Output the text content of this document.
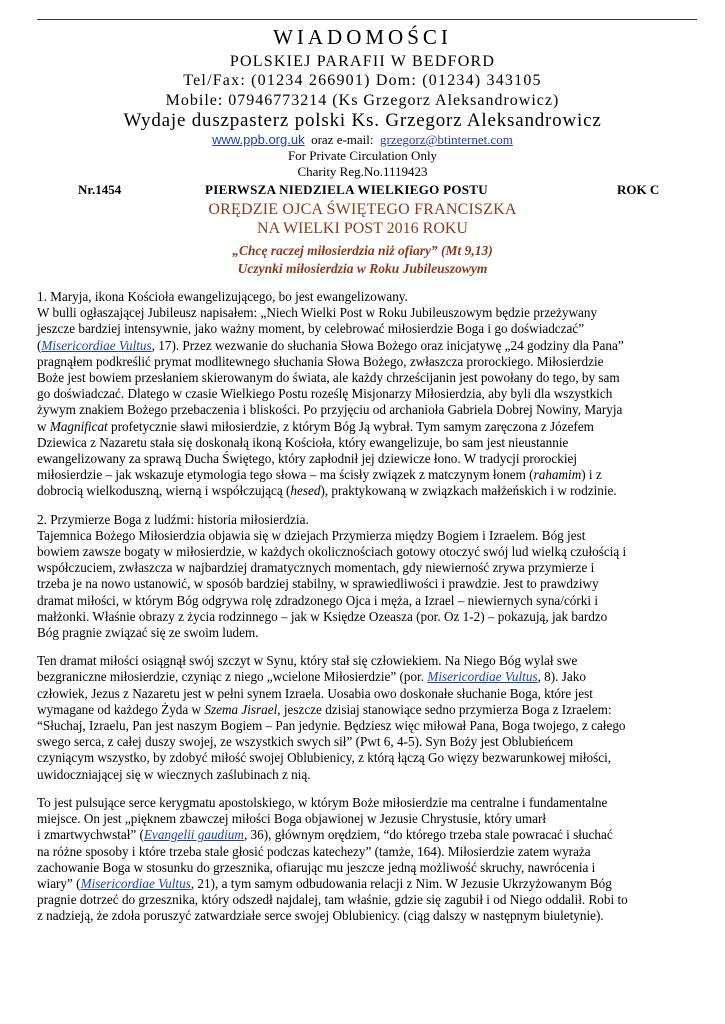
WIADOMOŚCI
POLSKIEJ PARAFII W BEDFORD
Tel/Fax: (01234 266901) Dom: (01234) 343105
Mobile: 07946773214 (Ks Grzegorz Aleksandrowicz)
Wydaje duszpasterz polski Ks. Grzegorz Aleksandrowicz
www.ppb.org.uk oraz e-mail: grzegorz@btinternet.com
For Private Circulation Only
Charity Reg.No.1119423
Nr.1454	PIERWSZA NIEDZIELA WIELKIEGO POSTU	ROK C
ORĘDZIE OJCA ŚWIĘTEGO FRANCISZKA
NA WIELKI POST 2016 ROKU
„Chcę raczej miłosierdzia niż ofiary” (Mt 9,13)
Uczynki miłosierdzia w Roku Jubileuszowym

1. Maryja, ikona Kościoła ewangelizującego, bo jest ewangelizowany.
W bulli ogłaszającej Jubileusz napisałem: „Niech Wielki Post w Roku Jubileuszowym będzie przeżywany
jeszcze bardziej intensywnie, jako ważny moment, by celebrować miłosierdzie Boga i go doświadczać”
(Misericordiae Vultus, 17). Przez wezwanie do słuchania Słowa Bożego oraz inicjatywę „24 godziny dla Pana”
pragnąłem podkreślić prymat modlitewnego słuchania Słowa Bożego, zwłaszcza prorockiego. Miłosierdzie
Boże jest bowiem przesłaniem skierowanym do świata, ale każdy chrześcijanin jest powołany do tego, by sam
go doświadczać. Dlatego w czasie Wielkiego Postu roześlę Misjonarzy Miłosierdzia, aby byli dla wszystkich
żywym znakiem Bożego przebaczenia i bliskości. Po przyjęciu od archanioła Gabriela Dobrej Nowiny, Maryja
w Magnificat profetycznie sławi miłosierdzie, z którym Bóg Ją wybrał. Tym samym zaręczona z Józefem
Dziewica z Nazaretu stała się doskonałą ikoną Kościoła, który ewangelizuje, bo sam jest nieustannie
ewangelizowany za sprawą Ducha Świętego, który zapłodnił jej dziewicze łono. W tradycji prorockiej
miłosierdzie – jak wskazuje etymologia tego słowa – ma ścisły związek z matczynym łonem (rahamim) i z
dobrocią wielkoduszną, wierną i współczującą (hesed), praktykowaną w związkach małżeńskich i w rodzinie.

2. Przymierze Boga z ludźmi: historia miłosierdzia.
Tajemnica Bożego Miłosierdzia objawia się w dziejach Przymierza między Bogiem i Izraelem. Bóg jest
bowiem zawsze bogaty w miłosierdzie, w każdych okolicznościach gotowy otoczyć swój lud wielką czułością i
współczuciem, zwłaszcza w najbardziej dramatycznych momentach, gdy niewierność zrywa przymierze i
trzeba je na nowo ustanowić, w sposób bardziej stabilny, w sprawiedliwości i prawdzie. Jest to prawdziwy
dramat miłości, w którym Bóg odgrywa rolę zdradzonego Ojca i męża, a Izrael – niewiernych syna/córki i
małżonki. Właśnie obrazy z życia rodzinnego – jak w Księdze Ozeasza (por. Oz 1-2) – pokazują, jak bardzo
Bóg pragnie związać się ze swoim ludem.

Ten dramat miłości osiągnął swój szczyt w Synu, który stał się człowiekiem. Na Niego Bóg wylał swe
bezgraniczne miłosierdzie, czyniąc z niego „wcielone Miłosierdzie” (por. Misericordiae Vultus, 8). Jako
człowiek, Jezus z Nazaretu jest w pełni synem Izraela. Uosabia owo doskonałe słuchanie Boga, które jest
wymagane od każdego Żyda w Szema Jisrael, jeszcze dzisiaj stanowiące sedno przymierza Boga z Izraelem:
“Słuchaj, Izraelu, Pan jest naszym Bogiem – Pan jedynie. Będziesz więc miłował Pana, Boga twojego, z całego
swego serca, z całej duszy swojej, ze wszystkich swych sił” (Pwt 6, 4-5). Syn Boży jest Oblubieńcem
czyniącym wszystko, by zdobyć miłość swojej Oblubienicy, z którą łączą Go więzy bezwarunkowej miłości,
uwidoczniającej się w wiecznych zaślubinach z nią.

To jest pulsujące serce kerygmatu apostolskiego, w którym Boże miłosierdzie ma centralne i fundamentalne
miejsce. On jest „pięknem zbawczej miłości Boga objawionej w Jezusie Chrystusie, który umarł
i zmartwychwstał” (Evangelii gaudium, 36), głównym orędziem, “do którego trzeba stale powracać i słuchać
na różne sposoby i które trzeba stale głosić podczas katechezy” (tamże, 164). Miłosierdzie zatem wyraża
zachowanie Boga w stosunku do grzesznika, ofiarując mu jeszcze jedną możliwość skruchy, nawrócenia i
wiary” (Misericordiae Vultus, 21), a tym samym odbudowania relacji z Nim. W Jezusie Ukrzyżowanym Bóg
pragnie dotrzeć do grzesznika, który odszedł najdalej, tam właśnie, gdzie się zagubił i od Niego oddalił. Robi to
z nadzieją, że zdoła poruszyć zatwardziałe serce swojej Oblubienicy. (ciąg dalszy w następnym biuletynie).
